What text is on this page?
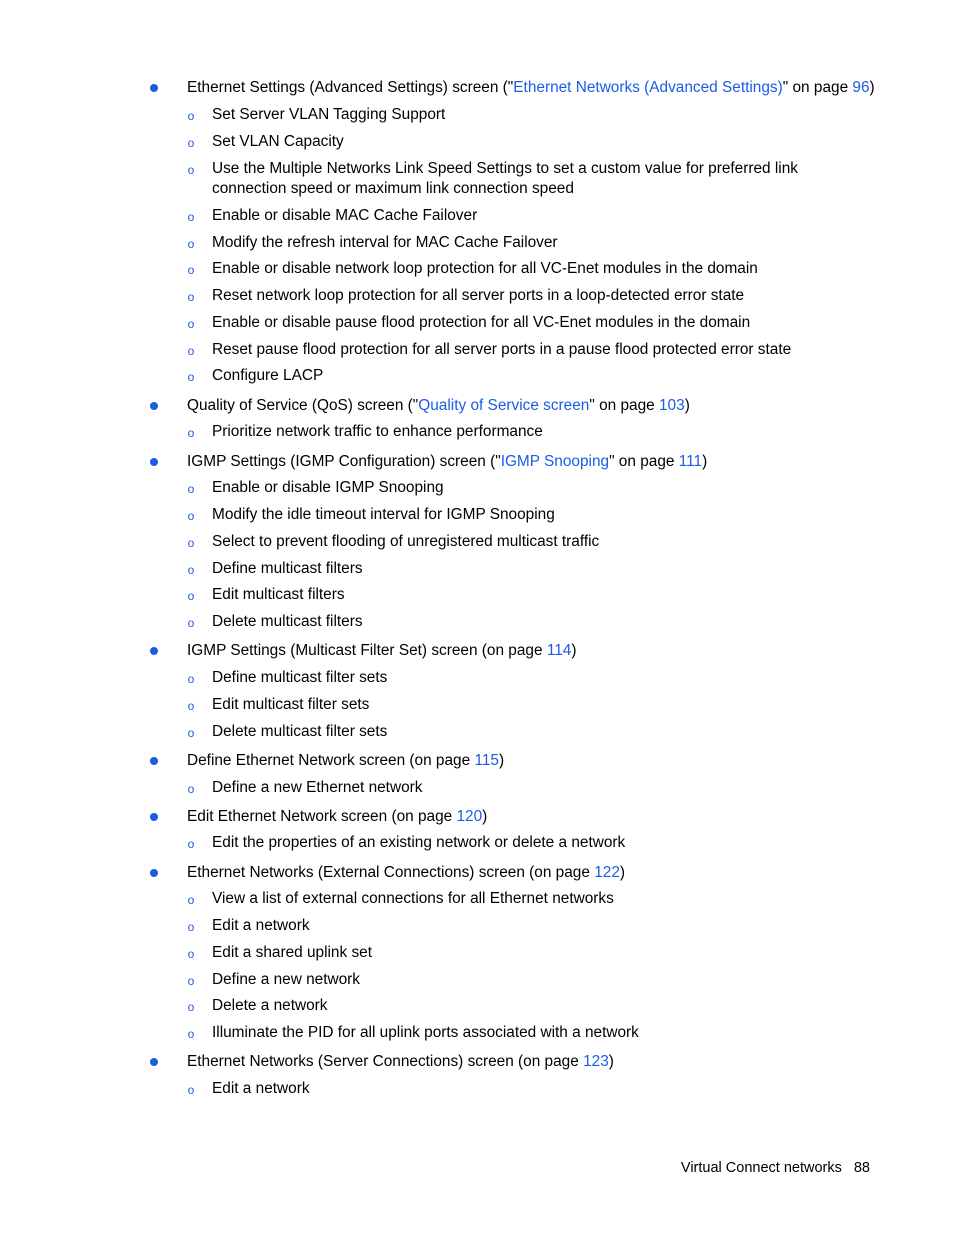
Ethernet Settings (Advanced Settings) screen ("Ethernet Networks (Advanced Settings)" on page 96)
o Set Server VLAN Tagging Support
o Set VLAN Capacity
o Use the Multiple Networks Link Speed Settings to set a custom value for preferred link connection speed or maximum link connection speed
o Enable or disable MAC Cache Failover
o Modify the refresh interval for MAC Cache Failover
o Enable or disable network loop protection for all VC-Enet modules in the domain
o Reset network loop protection for all server ports in a loop-detected error state
o Enable or disable pause flood protection for all VC-Enet modules in the domain
o Reset pause flood protection for all server ports in a pause flood protected error state
o Configure LACP
Quality of Service (QoS) screen ("Quality of Service screen" on page 103)
o Prioritize network traffic to enhance performance
IGMP Settings (IGMP Configuration) screen ("IGMP Snooping" on page 111)
o Enable or disable IGMP Snooping
o Modify the idle timeout interval for IGMP Snooping
o Select to prevent flooding of unregistered multicast traffic
o Define multicast filters
o Edit multicast filters
o Delete multicast filters
IGMP Settings (Multicast Filter Set) screen (on page 114)
o Define multicast filter sets
o Edit multicast filter sets
o Delete multicast filter sets
Define Ethernet Network screen (on page 115)
o Define a new Ethernet network
Edit Ethernet Network screen (on page 120)
o Edit the properties of an existing network or delete a network
Ethernet Networks (External Connections) screen (on page 122)
o View a list of external connections for all Ethernet networks
o Edit a network
o Edit a shared uplink set
o Define a new network
o Delete a network
o Illuminate the PID for all uplink ports associated with a network
Ethernet Networks (Server Connections) screen (on page 123)
o Edit a network
Virtual Connect networks 88
